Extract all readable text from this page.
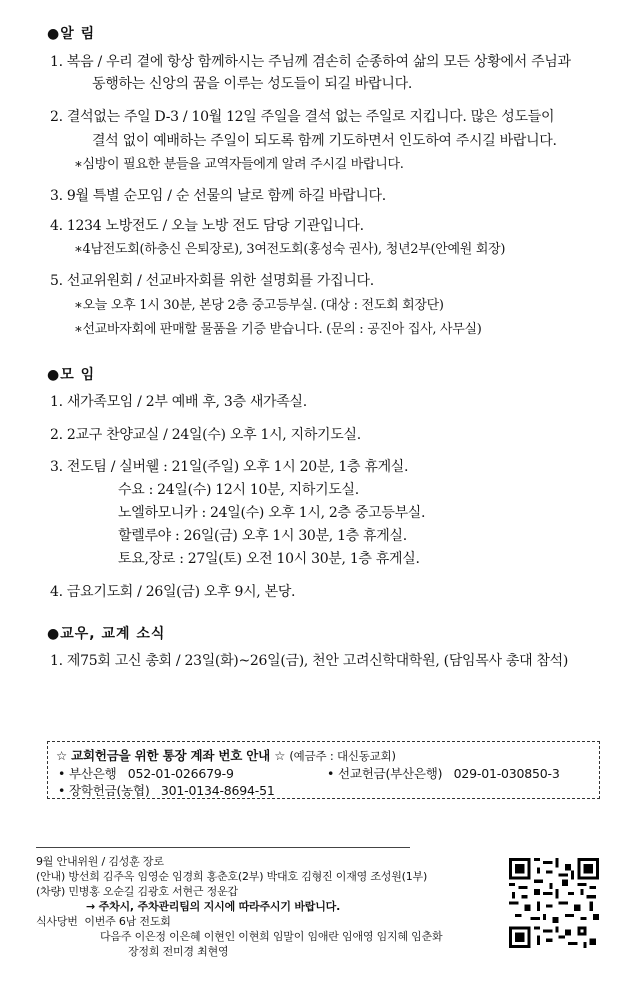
●알 림
1. 복음 / 우리 곁에 항상 함께하시는 주님께 겸손히 순종하여 삶의 모든 상황에서 주님과
동행하는 신앙의 꿈을 이루는 성도들이 되길 바랍니다.
2. 결석없는 주일 D-3 / 10월 12일 주일을 결석 없는 주일로 지킵니다. 많은 성도들이
결석 없이 예배하는 주일이 되도록 함께 기도하면서 인도하여 주시길 바랍니다.
∗심방이 필요한 분들을 교역자들에게 알려 주시길 바랍니다.
3. 9월 특별 순모임 / 순 선물의 날로 함께 하길 바랍니다.
4. 1234 노방전도 / 오늘 노방 전도 담당 기관입니다.
∗4남전도회(하충신 은퇴장로), 3여전도회(홍성숙 권사), 청년2부(안예원 회장)
5. 선교위원회 / 선교바자회를 위한 설명회를 가집니다.
∗오늘 오후 1시 30분, 본당 2층 중고등부실. (대상 : 전도회 회장단)
∗선교바자회에 판매할 물품을 기증 받습니다. (문의 : 공진아 집사, 사무실)
●모 임
1. 새가족모임 / 2부 예배 후, 3층 새가족실.
2. 2교구 찬양교실 / 24일(수) 오후 1시, 지하기도실.
3. 전도팀 / 실버웰 : 21일(주일) 오후 1시 20분, 1층 휴게실.
수요 : 24일(수) 12시 10분, 지하기도실.
노엘하모니카 : 24일(수) 오후 1시, 2층 중고등부실.
할렐루야 : 26일(금) 오후 1시 30분, 1층 휴게실.
토요,장로 : 27일(토) 오전 10시 30분, 1층 휴게실.
4. 금요기도회 / 26일(금) 오후 9시, 본당.
●교우, 교계 소식
1. 제75회 고신 총회 / 23일(화)~26일(금), 천안 고려신학대학원, (담임목사 총대 참석)
☆ 교회헌금을 위한 통장 계좌 번호 안내 ☆ (예금주 : 대신동교회)
• 부산은행 052-01-026679-9	• 선교헌금(부산은행) 029-01-030850-3
• 장학헌금(농협) 301-0134-8694-51
9월 안내위원 / 김성훈 장로
(안내) 방선희 김주옥 임영순 임경희 홍춘호(2부) 박대호 김형진 이재영 조성원(1부)
(차량) 민병홍 오순길 김광호 서현근 정운갑
→ 주차시, 주차관리팀의 지시에 따라주시기 바랍니다.
식사당번 이번주 6남 전도회
다음주 이은정 이은혜 이현인 이현희 임말이 임애란 임애영 임지혜 임춘화
장정희 전미경 최현영
